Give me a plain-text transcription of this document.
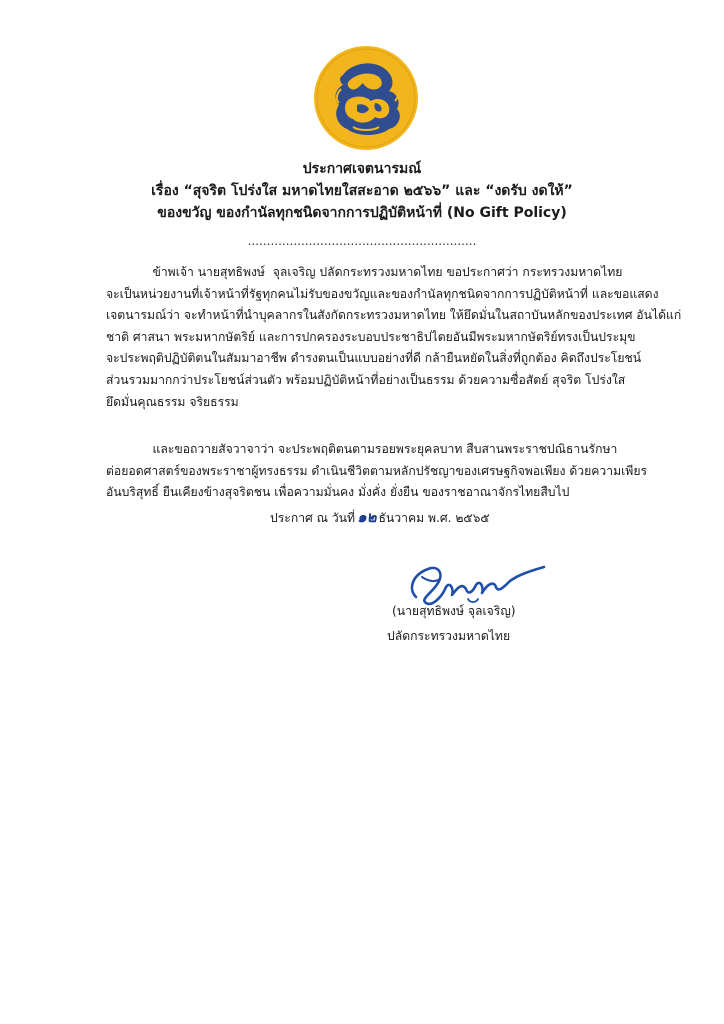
ประกาศเจตนารมณ์
เรื่อง “สุจริต โปร่งใส มหาดไทยใสสะอาด ๒๕๖๖” และ “งดรับ งดให้”
ของขวัญ ของกำนัลทุกชนิดจากการปฏิบัติหน้าที่ (No Gift Policy)
............................................................
ข้าพเจ้า นายสุทธิพงษ์  จุลเจริญ ปลัดกระทรวงมหาดไทย ขอประกาศว่า กระทรวงมหาดไทย
จะเป็นหน่วยงานที่เจ้าหน้าที่รัฐทุกคนไม่รับของขวัญและของกำนัลทุกชนิดจากการปฏิบัติหน้าที่ และขอแสดง
เจตนารมณ์ว่า จะทำหน้าที่นำบุคลากรในสังกัดกระทรวงมหาดไทย ให้ยึดมั่นในสถาบันหลักของประเทศ อันได้แก่
ชาติ ศาสนา พระมหากษัตริย์ และการปกครองระบอบประชาธิปไตยอันมีพระมหากษัตริย์ทรงเป็นประมุข
จะประพฤติปฏิบัติตนในสัมมาอาชีพ ดำรงตนเป็นแบบอย่างที่ดี กล้ายืนหยัดในสิ่งที่ถูกต้อง คิดถึงประโยชน์
ส่วนรวมมากกว่าประโยชน์ส่วนตัว พร้อมปฏิบัติหน้าที่อย่างเป็นธรรม ด้วยความซื่อสัตย์ สุจริต โปร่งใส
ยึดมั่นคุณธรรม จริยธรรม
และขอถวายสัจวาจาว่า จะประพฤติตนตามรอยพระยุคลบาท สืบสานพระราชปณิธานรักษา
ต่อยอดศาสตร์ของพระราชาผู้ทรงธรรม ดำเนินชีวิตตามหลักปรัชญาของเศรษฐกิจพอเพียง ด้วยความเพียร
อันบริสุทธิ์ ยืนเคียงข้างสุจริตชน เพื่อความมั่นคง มั่งคั่ง ยั่งยืน ของราชอาณาจักรไทยสืบไป
ประกาศ ณ วันที่ ๑๒ ธันวาคม พ.ศ. ๒๕๖๕
(นายสุทธิพงษ์ จุลเจริญ)
ปลัดกระทรวงมหาดไทย
